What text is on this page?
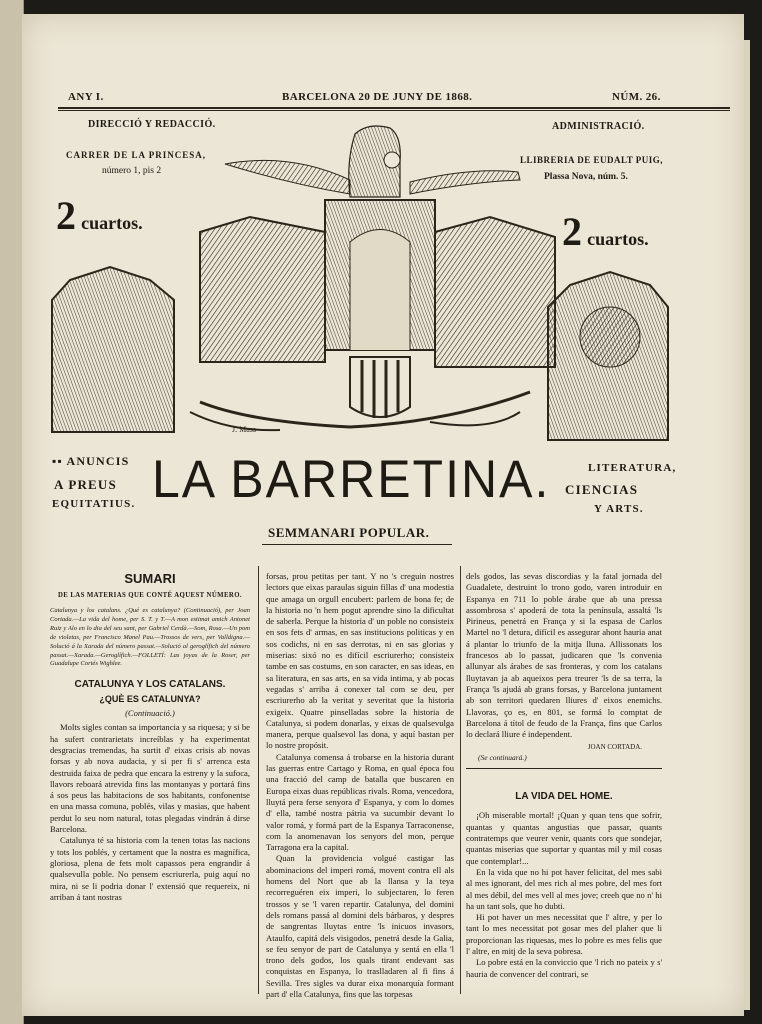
ANY I.	BARCELONA 20 DE JUNY DE 1868.	NÚM. 26.
DIRECCIÓ Y REDACCIÓ.
CARRER DE LA PRINCESA,
número 1, pis 2
ADMINISTRACIÓ.
LLIBRERIA DE EUDALT PUIG,
Plassa Nova, núm. 5.
2 cuartos.	2 cuartos.
J. Mass
▪▪ ANUNCIS
A PREUS
EQUITATIUS. LA BARRETINA.	LITERATURA,
CIENCIAS
Y ARTS.
SEMMANARI POPULAR.
SUMARI
DE LAS MATERIAS QUE CONTÉ AQUEST NÚMERO.
Catalunya y los catalans. ¿Qué es catalunya? (Continuació), per Joan Cortada.—La vida del home, per S. T. y T.—A mon estimat amich Antonet Ruiz y Alo en lo dia del seu sant, per Gabriel Cerdà.—Som, Rosa.—Un pom de violetas, per Francisco Manel Pau.—Trossos de vers, per Valldigna.—Solució á la Xarada del número passat.—Solució al geroglífich del número passat.—Xarada.—Geroglífich.—FOLLETÍ: Las joyas de la Roser, per Guadalupe Cortés Wighlee.
CATALUNYA Y LOS CATALANS.
¿QUÈ ES CATALUNYA?
(Continuació.)

Molts sigles contan sa importancia y sa riquesa; y si be ha sufert contrarietats increíblas y ha experimentat desgracias tremendas, ha surtit d' eixas crisis ab novas forsas y ab nova audacia, y si per fi s' arrenca esta destruida faixa de pedra que encara la estreny y la sufoca, llavors reboará atrevida fins las montanyas y portará fins á sos peus las habitacions de sos habitants, confonentse en una massa comuna, poblés, vilas y masias, que habent perdut lo seu nom natural, totas plegadas vindrán á dirse Barcelona.

Catalunya té sa historia com la tenen totas las nacions y tots los poblés, y certament que la nostra es magnífica, gloriosa, plena de fets molt capassos pera engrandir á qualsevulla poble. No pensem escriurerla, puig aquí no mira, ni se li podria donar l' extensió que requereix, ni arriban á tant nostras

forsas, prou petitas per tant. Y no 's creguin nostres lectors que eixas paraulas siguin fillas d' una modestia que amaga un orgull encubert: parlem de bona fe; de la historia no 'n hem pogut aprendre sino la dificultat de saberla. Perque la historia d' un poble no consisteix en sos fets d' armas, en sas institucions politicas y en sos codichs, ni en sas derrotas, ni en sas glorias y miserias: sixó no es difícil escriurerho; consisteix tambe en sas costums, en son caracter, en sas ideas, en sa literatura, en sas arts, en sa vida intima, y ab pocas vegadas s' arriba á conexer tal com se deu, per escriurerho ab la veritat y severitat que la historia exigeix. Quatre pinselladas sobre la historia de Catalunya, si podem donarlas, y eixas de qualsevulga manera, perque qualsevol las dona, y aquí bastan per lo nostre propósit.

Catalunya comensa á trobarse en la historia durant las guerras entre Cartago y Roma, en qual época fou una fracció del camp de batalla que buscaren en Europa eixas duas repúblicas rivals. Roma, vencedora, lluytá pera ferse senyora d' Espanya, y com lo domes d' ella, també nostra pátria va sucumbir devant lo valor romá, y formá part de la Espanya Tarraconense, com la anomenavan los senyors del mon, perque Tarragona era la capital.

Quan la providencia volgué castigar las abominacions del imperi romá, movent contra ell als homens del Nort que ab la llansa y la teya recorreguéren eix imperi, lo subjectaren, lo feren trossos y se 'l varen repartir. Catalunya, del domini dels romans passá al domini dels bárbaros, y despres de sangrentas lluytas entre 'ls inicuos invasors, Ataulfo, capitá dels visigodos, penetrá desde la Galia, se feu senyor de part de Catalunya y sentá en ella 'l trono dels godos, los quals tirant endevant sas conquistas en Espanya, lo traslladaren al fi fins á Sevilla. Tres sigles va durar eixa monarquía formant part d' ella Catalunya, fins que las torpesas

dels godos, las sevas discordias y la fatal jornada del Guadalete, destruint lo trono godo, varen introduir en Espanya en 711 lo poble árabe que ab una pressa assombrosa s' apoderá de tota la península, assaltá 'ls Pirineus, penetrá en França y si la espasa de Carlos Martel no 'l detura, difícil es assegurar ahont hauria anat á plantar lo triunfo de la mitja lluna. Allissonats los francesos ab lo passat, judicaren que 'ls convenia allunyar als árabes de sas fronteras, y com los catalans lluytavan ja ab aqueixos pera treurer 'ls de sa terra, la França 'ls ajudá ab grans forsas, y Barcelona juntament ab son territori quedaren lliures d' eixos enemichs. Llavoras, ço es, en 801, se formá lo comptat de Barcelona á títol de feudo de la França, fins que Carlos lo declará lliure é independent.

JOAN CORTADA.
(Se continuará.)
LA VIDA DEL HOME.

¡Oh miserable mortal! ¡Quan y quan tens que sofrir, quantas y quantas angustias que passar, quants contratemps que veurer venir, quants cors que sondejar, quantas miserias que suportar y quantas mil y mil cosas que contemplar!...

En la vida que no hi pot haver felicitat, del mes sabi al mes ignorant, del mes rich al mes pobre, del mes fort al mes débil, del mes vell al mes jove; creeh que no n' hi ha un tant sols, que ho dubti.

Hi pot haver un mes necessitat que l' altre, y per lo tant lo mes necessitat pot gosar mes del plaher que li proporcionan las riquesas, mes lo pobre es mes felis que l' altre, en mitj de la seva pobresa.

Lo pobre está en la conviccio que 'l rich no pateix y s' hauria de convencer del contrari, se
